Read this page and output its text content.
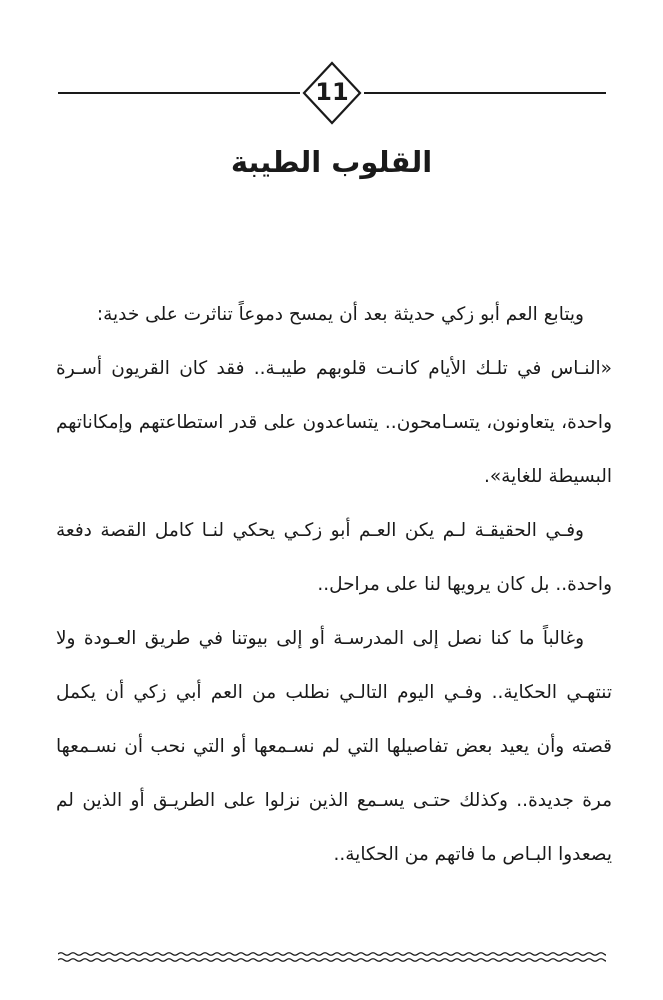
11
القلوب الطيبة

ويتابع العم أبو زكي حديثة بعد أن يمسح دموعاً تناثرت على خدية:

«النـاس في تلـك الأيام كانـت قلوبهم طيبـة.. فقد كان القريون أسـرة واحدة، يتعاونون، يتسـامحون.. يتساعدون على قدر استطاعتهم وإمكاناتهم البسيطة للغاية».

وفـي الحقيقـة لـم يكن العـم أبو زكـي يحكي لنـا كامل القصة دفعة واحدة.. بل كان يرويها لنا على مراحل..

وغالباً ما كنا نصل إلى المدرسـة أو إلى بيوتنا في طريق العـودة ولا تنتهـي الحكاية.. وفـي اليوم التالـي نطلب من العم أبي زكي أن يكمل قصته وأن يعيد بعض تفاصيلها التي لم نسـمعها أو التي نحب أن نسـمعها مرة جديدة.. وكذلك حتـى يسـمع الذين نزلوا على الطريـق أو الذين لم يصعدوا البـاص ما فاتهم من الحكاية..
